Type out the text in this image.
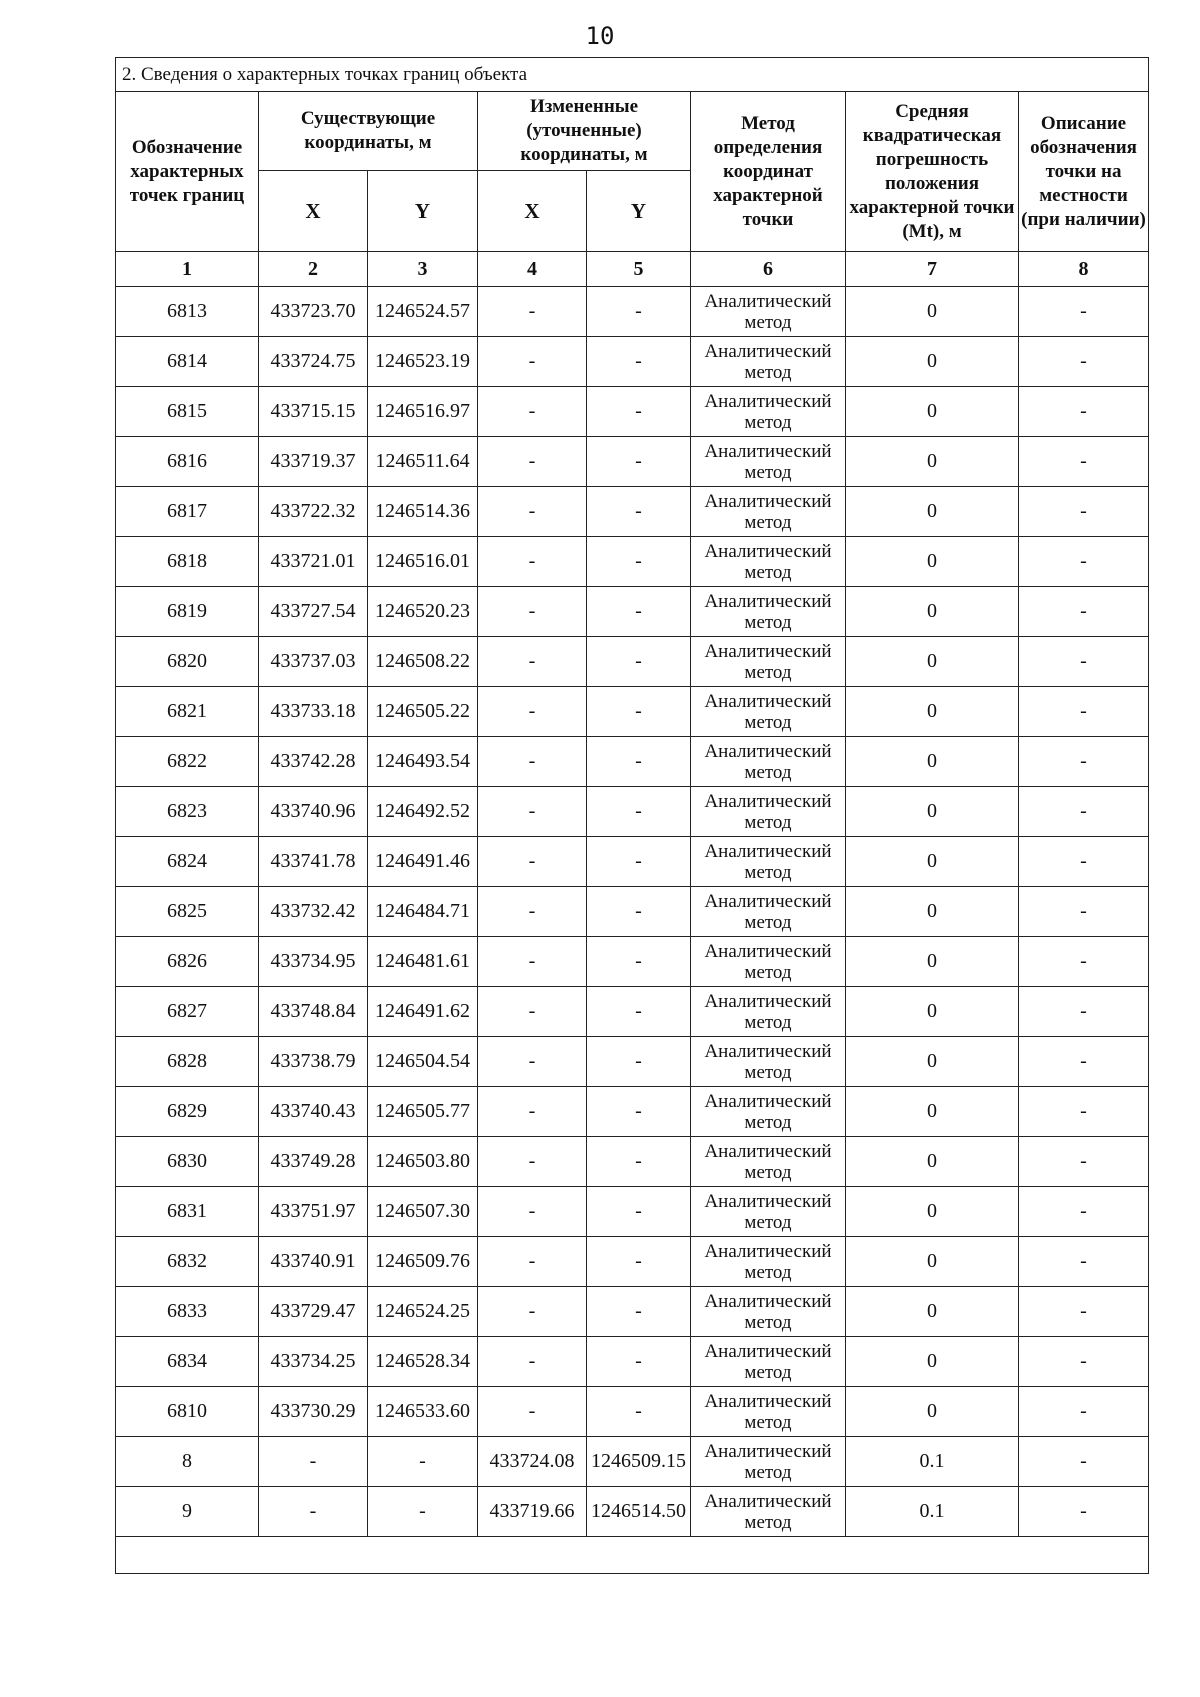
10
2. Сведения о характерных точках границ объекта							
Обозначение характерных точек границ	Существующие координаты, м		Измененные (уточненные) координаты, м		Метод определения координат характерной точки	Средняя квадратическая погрешность положения характерной точки (Mt), м	Описание обозначения точки на местности (при наличии)
	X	Y	X	Y			
1	2	3	4	5	6	7	8
6813	433723.70	1246524.57	-	-	Аналитический метод	0	-
6814	433724.75	1246523.19	-	-	Аналитический метод	0	-
6815	433715.15	1246516.97	-	-	Аналитический метод	0	-
6816	433719.37	1246511.64	-	-	Аналитический метод	0	-
6817	433722.32	1246514.36	-	-	Аналитический метод	0	-
6818	433721.01	1246516.01	-	-	Аналитический метод	0	-
6819	433727.54	1246520.23	-	-	Аналитический метод	0	-
6820	433737.03	1246508.22	-	-	Аналитический метод	0	-
6821	433733.18	1246505.22	-	-	Аналитический метод	0	-
6822	433742.28	1246493.54	-	-	Аналитический метод	0	-
6823	433740.96	1246492.52	-	-	Аналитический метод	0	-
6824	433741.78	1246491.46	-	-	Аналитический метод	0	-
6825	433732.42	1246484.71	-	-	Аналитический метод	0	-
6826	433734.95	1246481.61	-	-	Аналитический метод	0	-
6827	433748.84	1246491.62	-	-	Аналитический метод	0	-
6828	433738.79	1246504.54	-	-	Аналитический метод	0	-
6829	433740.43	1246505.77	-	-	Аналитический метод	0	-
6830	433749.28	1246503.80	-	-	Аналитический метод	0	-
6831	433751.97	1246507.30	-	-	Аналитический метод	0	-
6832	433740.91	1246509.76	-	-	Аналитический метод	0	-
6833	433729.47	1246524.25	-	-	Аналитический метод	0	-
6834	433734.25	1246528.34	-	-	Аналитический метод	0	-
6810	433730.29	1246533.60	-	-	Аналитический метод	0	-
8	-	-	433724.08	1246509.15	Аналитический метод	0.1	-
9	-	-	433719.66	1246514.50	Аналитический метод	0.1	-
